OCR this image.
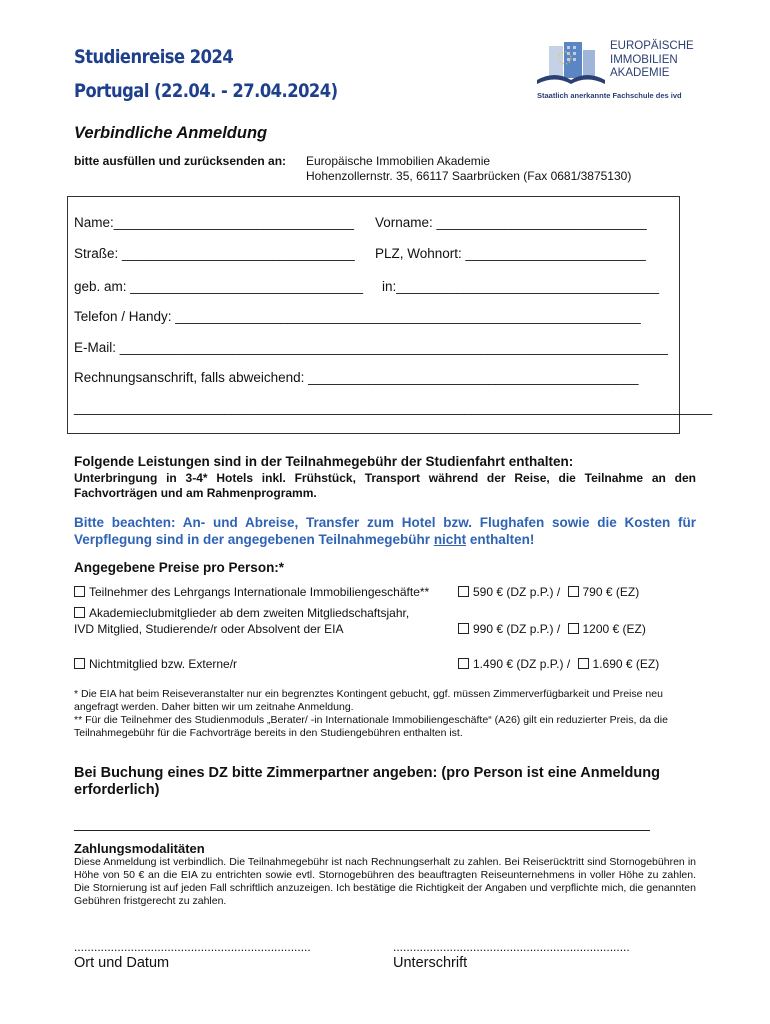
Studienreise 2024
Portugal (22.04. - 27.04.2024)
EUROPÄISCHE
IMMOBILIEN
AKADEMIE
Staatlich anerkannte Fachschule des ivd
Verbindliche Anmeldung
bitte ausfüllen und zurücksenden an: Europäische Immobilien Akademie
Hohenzollernstr. 35, 66117 Saarbrücken (Fax 0681/3875130)
Name:________________________________ Vorname: ____________________________
Straße: _______________________________ PLZ, Wohnort: ________________________
geb. am: _______________________________ in:___________________________________
Telefon / Handy: ______________________________________________________________
E-Mail: _________________________________________________________________________
Rechnungsanschrift, falls abweichend: ____________________________________________
_____________________________________________________________________________________
Folgende Leistungen sind in der Teilnahmegebühr der Studienfahrt enthalten:
Unterbringung in 3-4* Hotels inkl. Frühstück, Transport während der Reise, die Teilnahme an den Fachvorträgen und am Rahmenprogramm.
Bitte beachten: An- und Abreise, Transfer zum Hotel bzw. Flughafen sowie die Kosten für Verpflegung sind in der angegebenen Teilnahmegebühr nicht enthalten!
Angegebene Preise pro Person:*
Teilnehmer des Lehrgangs Internationale Immobiliengeschäfte**	590 € (DZ p.P.) / 790 € (EZ)
Akademieclubmitglieder ab dem zweiten Mitgliedschaftsjahr,
IVD Mitglied, Studierende/r oder Absolvent der EIA	990 € (DZ p.P.) / 1200 € (EZ)
Nichtmitglied bzw. Externe/r	1.490 € (DZ p.P.) / 1.690 € (EZ)
* Die EIA hat beim Reiseveranstalter nur ein begrenztes Kontingent gebucht, ggf. müssen Zimmerverfügbarkeit und Preise neu angefragt werden. Daher bitten wir um zeitnahe Anmeldung.
** Für die Teilnehmer des Studienmoduls „Berater/ -in Internationale Immobiliengeschäfte“ (A26) gilt ein reduzierter Preis, da die Teilnahmegebühr für die Fachvorträge bereits in den Studiengebühren enthalten ist.
Bei Buchung eines DZ bitte Zimmerpartner angeben: (pro Person ist eine Anmeldung erforderlich)
Zahlungsmodalitäten
Diese Anmeldung ist verbindlich. Die Teilnahmegebühr ist nach Rechnungserhalt zu zahlen. Bei Reiserücktritt sind Stornogebühren in Höhe von 50 € an die EIA zu entrichten sowie evtl. Stornogebühren des beauftragten Reiseunternehmens in voller Höhe zu zahlen. Die Stornierung ist auf jeden Fall schriftlich anzuzeigen. Ich bestätige die Richtigkeit der Angaben und verpflichte mich, die genannten Gebühren fristgerecht zu zahlen.
.......................................................................	.......................................................................
Ort und Datum	Unterschrift
